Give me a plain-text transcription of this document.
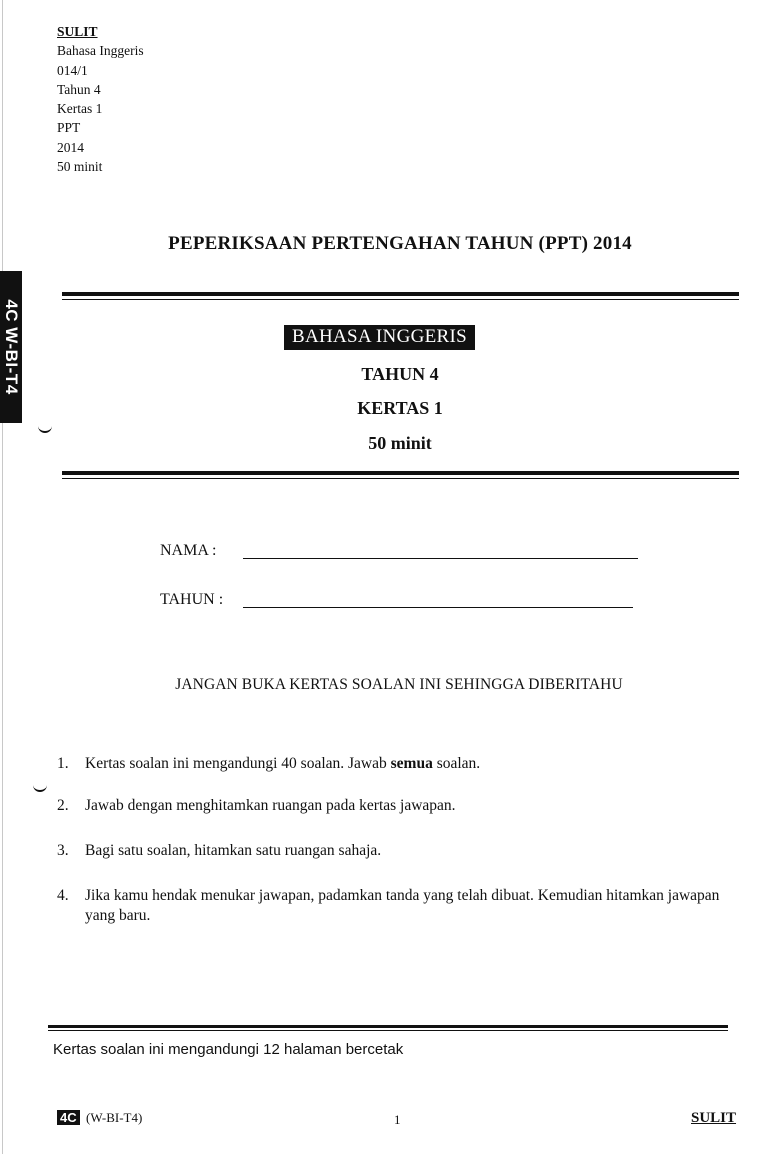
SULIT
Bahasa Inggeris
014/1
Tahun 4
Kertas 1
PPT
2014
50 minit
4C W-BI-T4
PEPERIKSAAN PERTENGAHAN TAHUN (PPT) 2014
BAHASA INGGERIS
TAHUN 4
KERTAS 1
50 minit
NAMA :
TAHUN :
JANGAN BUKA KERTAS SOALAN INI SEHINGGA DIBERITAHU
1. Kertas soalan ini mengandungi 40 soalan. Jawab semua soalan.
2. Jawab dengan menghitamkan ruangan pada kertas jawapan.
3. Bagi satu soalan, hitamkan satu ruangan sahaja.
4. Jika kamu hendak menukar jawapan, padamkan tanda yang telah dibuat. Kemudian hitamkan jawapan yang baru.
Kertas soalan ini mengandungi 12 halaman bercetak
4C (W-BI-T4)	1	SULIT
